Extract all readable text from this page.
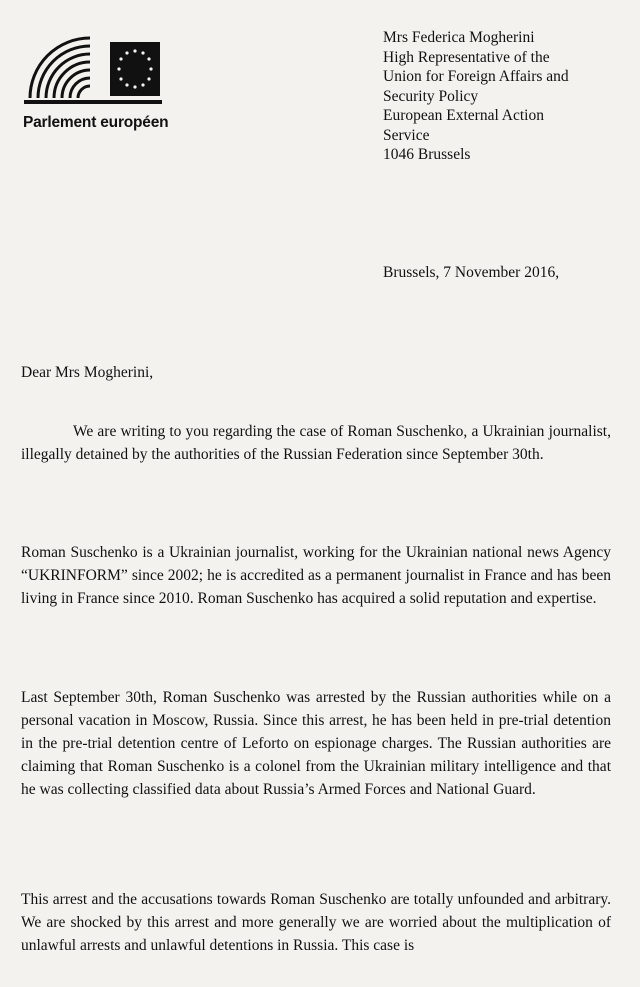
Parlement européen
Mrs Federica Mogherini
High Representative of the
Union for Foreign Affairs and
Security Policy
European External Action
Service
1046 Brussels
Brussels, 7 November 2016,
Dear Mrs Mogherini,

We are writing to you regarding the case of Roman Suschenko, a Ukrainian journalist, illegally detained by the authorities of the Russian Federation since September 30th.

Roman Suschenko is a Ukrainian journalist, working for the Ukrainian national news Agency “UKRINFORM” since 2002; he is accredited as a permanent journalist in France and has been living in France since 2010. Roman Suschenko has acquired a solid reputation and expertise.

Last September 30th, Roman Suschenko was arrested by the Russian authorities while on a personal vacation in Moscow, Russia. Since this arrest, he has been held in pre-trial detention in the pre-trial detention centre of Leforto on espionage charges. The Russian authorities are claiming that Roman Suschenko is a colonel from the Ukrainian military intelligence and that he was collecting classified data about Russia’s Armed Forces and National Guard.

This arrest and the accusations towards Roman Suschenko are totally unfounded and arbitrary. We are shocked by this arrest and more generally we are worried about the multiplication of unlawful arrests and unlawful detentions in Russia. This case is
